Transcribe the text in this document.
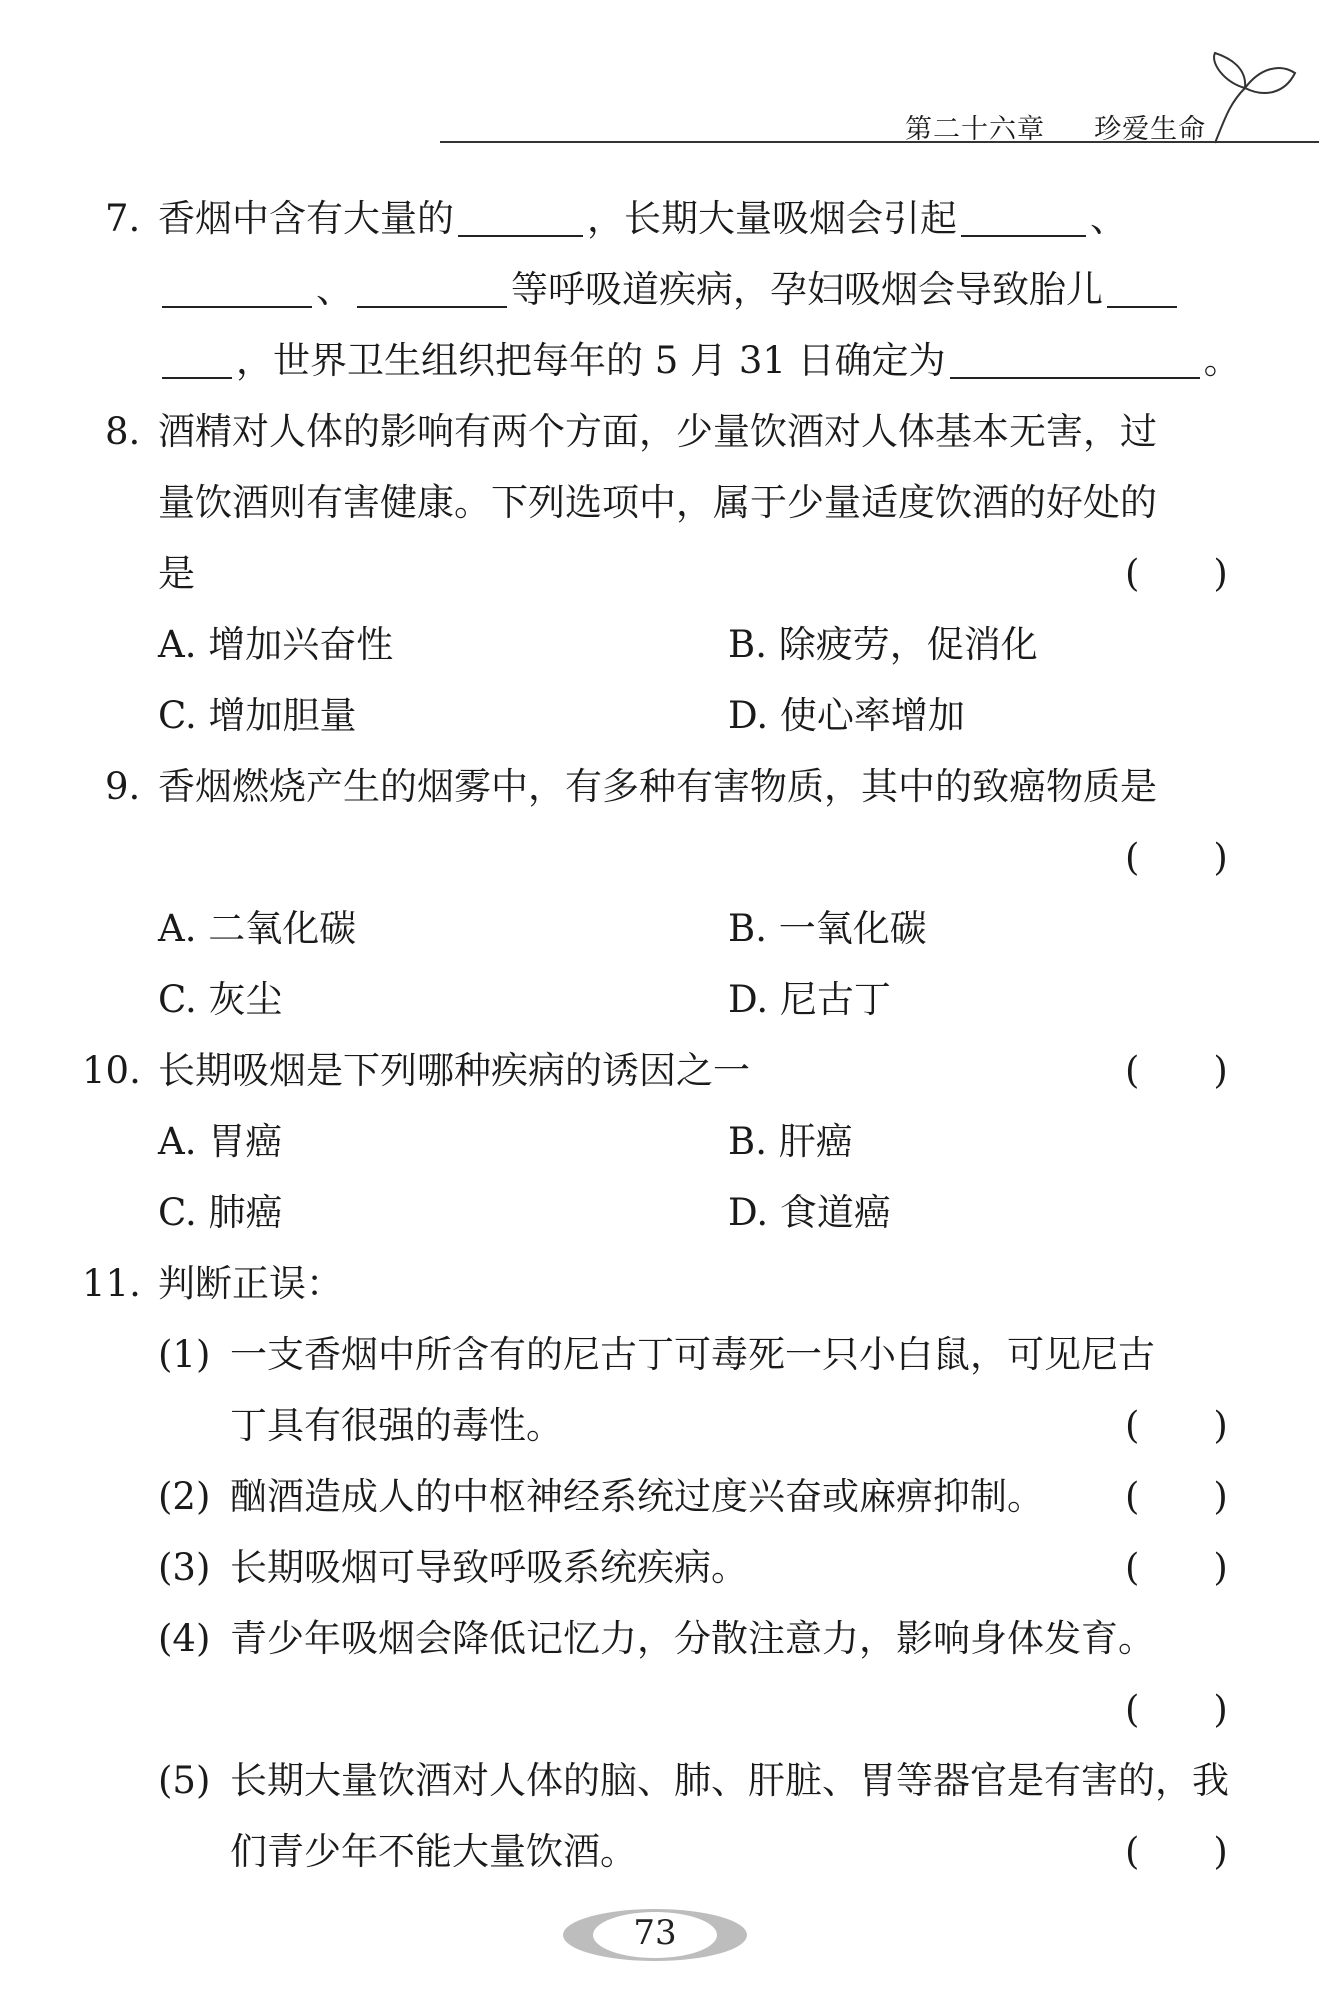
第二十六章 珍爱生命
7. 香烟中含有大量的	，长期大量吸烟会引起	、
、	等呼吸道疾病，孕妇吸烟会导致胎儿
，世界卫生组织把每年的 5 月 31 日确定为	。
8. 酒精对人体的影响有两个方面，少量饮酒对人体基本无害，过
量饮酒则有害健康。下列选项中，属于少量适度饮酒的好处的
是	(　　)
A. 增加兴奋性	B. 除疲劳，促消化
C. 增加胆量	D. 使心率增加
9. 香烟燃烧产生的烟雾中，有多种有害物质，其中的致癌物质是
(　　)
A. 二氧化碳	B. 一氧化碳
C. 灰尘	D. 尼古丁
10. 长期吸烟是下列哪种疾病的诱因之一	(　　)
A. 胃癌	B. 肝癌
C. 肺癌	D. 食道癌
11. 判断正误：
(1) 一支香烟中所含有的尼古丁可毒死一只小白鼠，可见尼古
丁具有很强的毒性。	(　　)
(2) 酗酒造成人的中枢神经系统过度兴奋或麻痹抑制。 (　　)
(3) 长期吸烟可导致呼吸系统疾病。	(　　)
(4) 青少年吸烟会降低记忆力，分散注意力，影响身体发育。
(　　)
(5) 长期大量饮酒对人体的脑、肺、肝脏、胃等器官是有害的，我
们青少年不能大量饮酒。	(　　)
73
